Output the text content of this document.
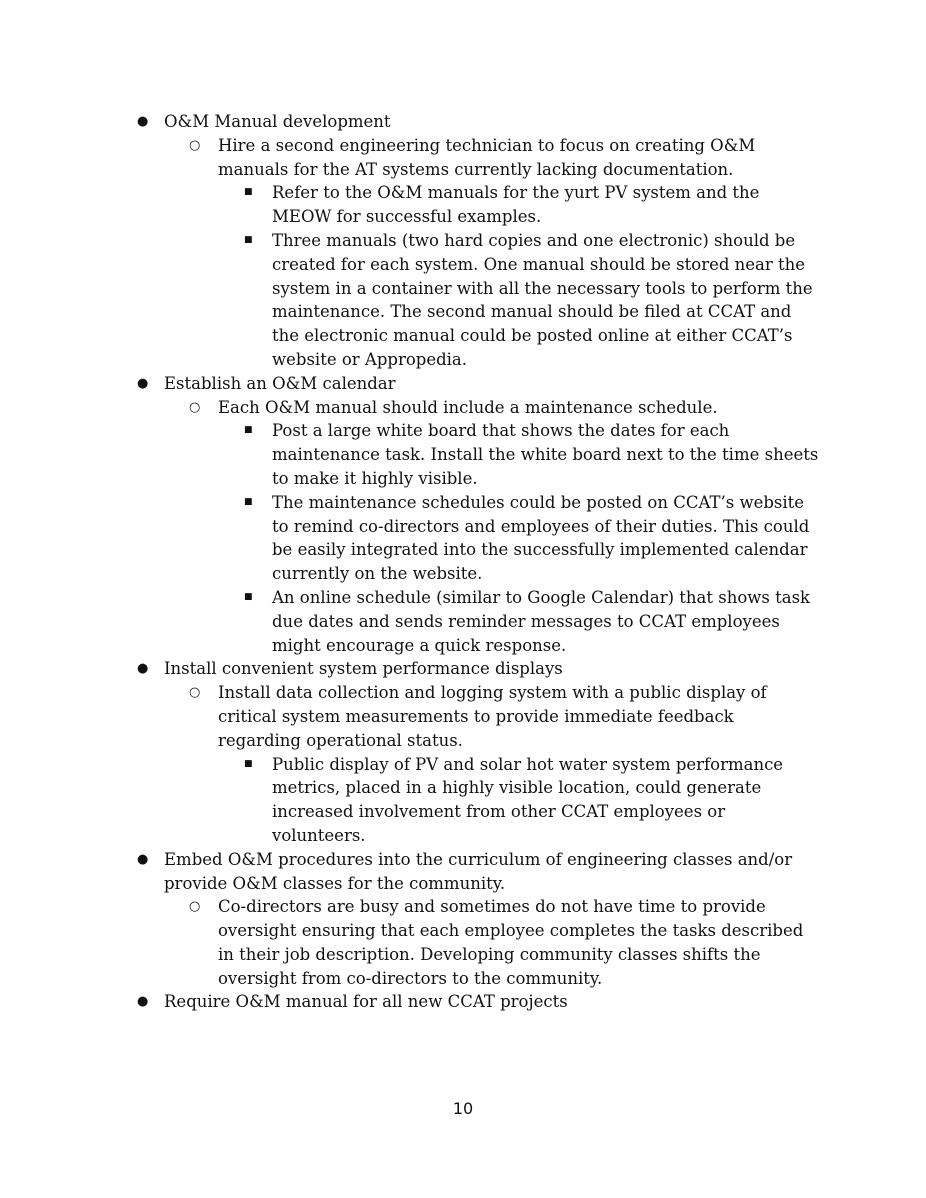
● O&M Manual development
○ Hire a second engineering technician to focus on creating O&M manuals for the AT systems currently lacking documentation.
■ Refer to the O&M manuals for the yurt PV system and the MEOW for successful examples.
■ Three manuals (two hard copies and one electronic) should be created for each system. One manual should be stored near the system in a container with all the necessary tools to perform the maintenance. The second manual should be filed at CCAT and the electronic manual could be posted online at either CCAT’s website or Appropedia.
● Establish an O&M calendar
○ Each O&M manual should include a maintenance schedule.
■ Post a large white board that shows the dates for each maintenance task. Install the white board next to the time sheets to make it highly visible.
■ The maintenance schedules could be posted on CCAT’s website to remind co-directors and employees of their duties. This could be easily integrated into the successfully implemented calendar currently on the website.
■ An online schedule (similar to Google Calendar) that shows task due dates and sends reminder messages to CCAT employees might encourage a quick response.
● Install convenient system performance displays
○ Install data collection and logging system with a public display of critical system measurements to provide immediate feedback regarding operational status.
■ Public display of PV and solar hot water system performance metrics, placed in a highly visible location, could generate increased involvement from other CCAT employees or volunteers.
● Embed O&M procedures into the curriculum of engineering classes and/or provide O&M classes for the community.
○ Co-directors are busy and sometimes do not have time to provide oversight ensuring that each employee completes the tasks described in their job description. Developing community classes shifts the oversight from co-directors to the community.
● Require O&M manual for all new CCAT projects
10
